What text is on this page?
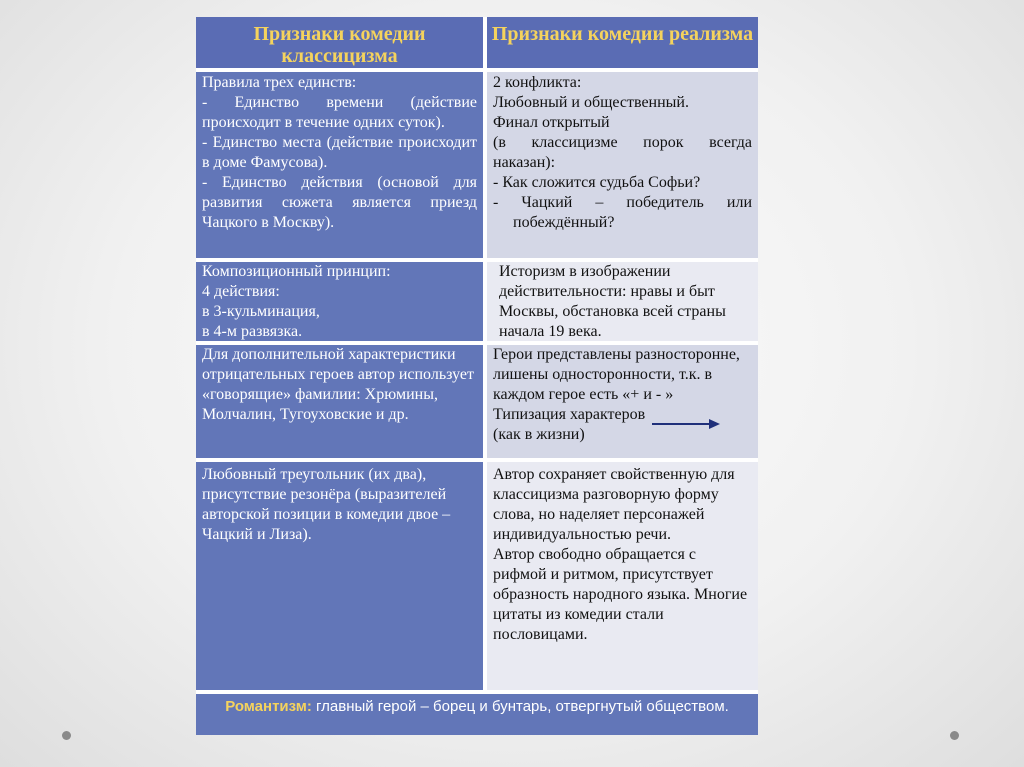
Признаки комедии классицизма
Признаки комедии реализма
Правила трех единств:
- Единство времени (действие происходит в течение одних суток).
- Единство места (действие происходит в доме Фамусова).
- Единство действия (основой для развития сюжета является приезд Чацкого в Москву).
2 конфликта:
Любовный и общественный.
Финал открытый
(в классицизме порок всегда наказан):
- Как сложится судьба Софьи?
- Чацкий – победитель или побеждённый?
Композиционный принцип:
4 действия:
в 3-кульминация,
в 4-м развязка.
Историзм в изображении действительности: нравы и быт Москвы, обстановка всей страны начала 19 века.
Для дополнительной характеристики отрицательных героев автор использует «говорящие» фамилии: Хрюмины, Молчалин, Тугоуховские и др.
Герои представлены разносторонне, лишены односторонности, т.к. в каждом герое есть «+ и - »
Типизация характеров
(как в жизни)
Любовный треугольник (их два), присутствие резонёра (выразителей авторской позиции в комедии двое – Чацкий и Лиза).
Автор сохраняет свойственную для классицизма разговорную форму слова, но наделяет персонажей индивидуальностью речи.
Автор свободно обращается с рифмой и ритмом, присутствует образность народного языка. Многие цитаты из комедии стали пословицами.
Романтизм: главный герой – борец и бунтарь, отвергнутый обществом.
